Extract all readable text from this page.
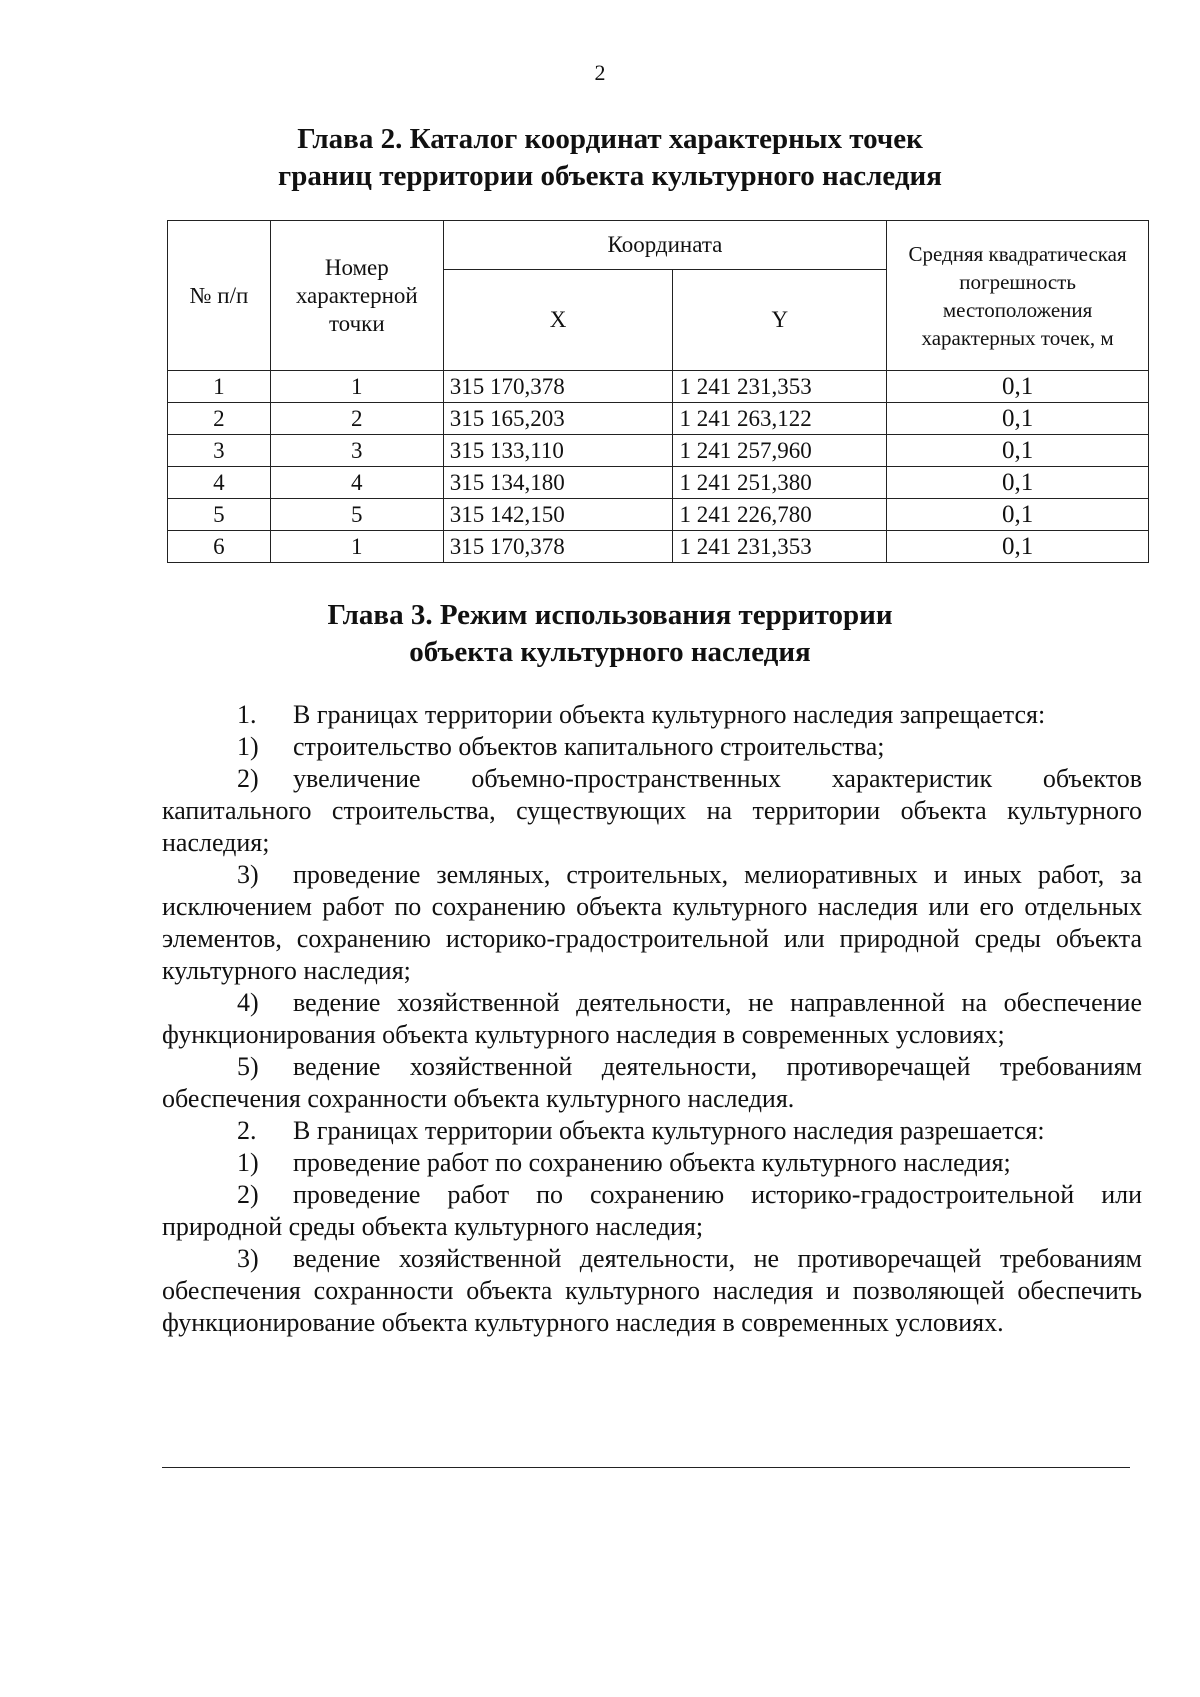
2
Глава 2. Каталог координат характерных точек
границ территории объекта культурного наследия
№ п/п	Номер характерной точки	Координата		Средняя квадратическая погрешность местоположения характерных точек, м
		X	Y	
1	1	315 170,378	1 241 231,353	0,1
2	2	315 165,203	1 241 263,122	0,1
3	3	315 133,110	1 241 257,960	0,1
4	4	315 134,180	1 241 251,380	0,1
5	5	315 142,150	1 241 226,780	0,1
6	1	315 170,378	1 241 231,353	0,1
Глава 3. Режим использования территории
объекта культурного наследия

1. В границах территории объекта культурного наследия запрещается:

1) строительство объектов капитального строительства;

2) увеличение объемно-пространственных характеристик объектов капитального строительства, существующих на территории объекта культурного наследия;

3) проведение земляных, строительных, мелиоративных и иных работ, за исключением работ по сохранению объекта культурного наследия или его отдельных элементов, сохранению историко-градостроительной или природной среды объекта культурного наследия;

4) ведение хозяйственной деятельности, не направленной на обеспечение функционирования объекта культурного наследия в современных условиях;

5) ведение хозяйственной деятельности, противоречащей требованиям обеспечения сохранности объекта культурного наследия.

2. В границах территории объекта культурного наследия разрешается:

1) проведение работ по сохранению объекта культурного наследия;

2) проведение работ по сохранению историко-градостроительной или природной среды объекта культурного наследия;

3) ведение хозяйственной деятельности, не противоречащей требованиям обеспечения сохранности объекта культурного наследия и позволяющей обеспечить функционирование объекта культурного наследия в современных условиях.
